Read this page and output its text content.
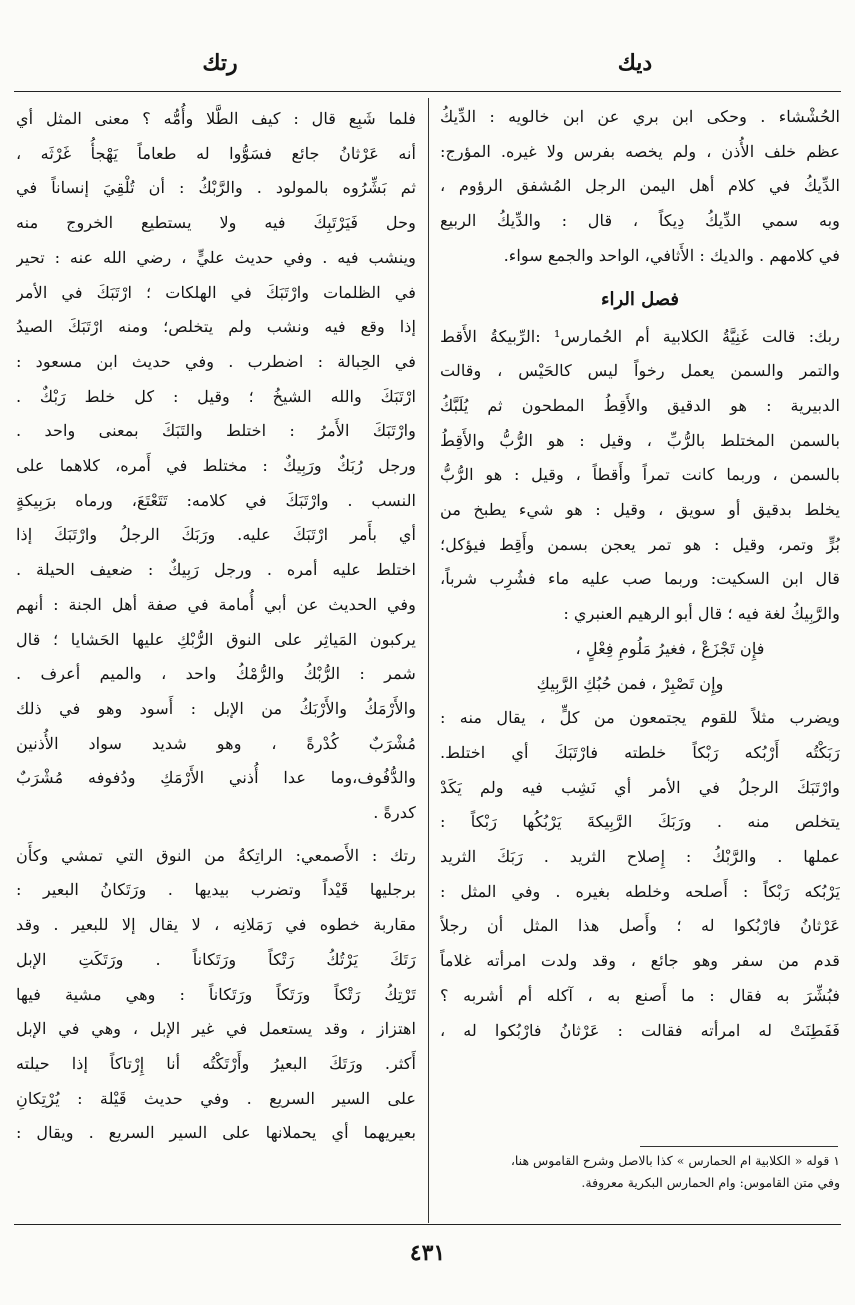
ديك
رتك
الحُشْشاء . وحكى ابن بري عن ابن خالويه : الدِّيكُ
عظم خلف الأُذن ، ولم يخصه بفرس ولا غيره. المؤرج:
الدِّيكُ في كلام أهل اليمن الرجل المُشفق الرؤوم ،
وبه سمي الدِّيكُ دِيكاً ، قال : والدِّيكُ الربيع
في كلامهم . والديك : الأَثافي، الواحد والجمع سواء.
فصل الراء
ربك: قالت غَنِيَّةُ الكلابية أم الحُمارس¹ :الرِّبيكةُ الأَقط
والتمر والسمن يعمل رخواً ليس كالحَيْس ، وقالت
الدبيرية : هو الدقيق والأَقِطُ المطحون ثم يُلَبَّكُ
بالسمن المختلط بالرُّبِّ ، وقيل : هو الرُّبُّ والأَقِطُ
بالسمن ، وربما كانت تمراً وأَقطاً ، وقيل : هو الرُّبُّ
يخلط بدقيق أو سويق ، وقيل : هو شيء يطبخ من
بُرٍّ وتمر، وقيل : هو تمر يعجن بسمن وأَقِط فيؤكل؛
قال ابن السكيت: وربما صب عليه ماء فشُرِب شرباً،
والرَّبِيكُ لغة فيه ؛ قال أبو الرهيم العنبري :
فإِن تَجْزَعْ ، فغيرُ مَلُومِ فِعْلٍ ،
وإِن تَصْبِرْ ، فمن حُبُكِ الرَّبِيكِ
ويضرب مثلاً للقوم يجتمعون من كلٍّ ، يقال منه :
رَبَكْتُه أَرْبُكه رَبْكاً خلطته فارْتَبَكَ أي اختلط.
وارْتَبَكَ الرجلُ في الأمر أي نَشِب فيه ولم يَكَدْ
يتخلص منه . ورَبَكَ الرَّبِيكةَ يَرْبُكُها رَبْكاً :
عملها . والرَّبْكُ : إِصلاح الثريد . رَبَكَ الثريد
يَرْبُكه رَبْكاً : أَصلحه وخلطه بغيره . وفي المثل :
عَرْثانُ فارْبُكوا له ؛ وأَصل هذا المثل أن رجلاً
قدم من سفر وهو جائع ، وقد ولدت امرأته غلاماً
فبُشِّرَ به فقال : ما أَصنع به ، آكله أم أشربه ؟
فَفَطِنَتْ له امرأته فقالت : عَرْثانُ فارْبُكوا له ،
١ قوله « الكلابية ام الحمارس » كذا بالاصل وشرح القاموس هنا،
وفي متن القاموس: وام الحمارس البكرية معروفة.
فلما شَبِع قال : كيف الطَّلا وأُمُّه ؟ معنى المثل أي
أنه عَرْثانُ جائع فسَوُّوا له طعاماً يَهْجأُ غَرْثَه ،
ثم بَشِّرُوه بالمولود . والرَّبْكُ : أن تُلْقِيَ إنساناً في
وحل فَيَرْتَبِكَ فيه ولا يستطيع الخروج منه
وينشب فيه . وفي حديث عليٍّ ، رضي الله عنه : تحير
في الظلمات وارْتَبَكَ في الهلكات ؛ ارْتَبَكَ في الأمر
إذا وقع فيه ونشب ولم يتخلص؛ ومنه ارْتَبَكَ الصيدُ
في الحِبالة : اضطرب . وفي حديث ابن مسعود :
ارْتَبَكَ والله الشيخُ ؛ وقيل : كل خلط رَبْكٌ .
وارْتَبَكَ الأَمرُ : اختلط والتَبَكَ بمعنى واحد .
ورجل رُبَكٌ ورَبِيكٌ : مختلط في أَمره، كلاهما على
النسب . وارْتَبَكَ في كلامه: تَتَعْتَعَ، ورماه برَبِيكةٍ
أي بأَمر ارْتَبَكَ عليه. ورَبَكَ الرجلُ وارْتَبَكَ إذا
اختلط عليه أمره . ورجل رَبِيكٌ : ضعيف الحيلة .
وفي الحديث عن أبي أُمامة في صفة أهل الجنة : أنهم
يركبون المَياثِر على النوق الرُّبْكِ عليها الحَشايا ؛ قال
شمر : الرُّبْكُ والرُّمْكُ واحد ، والميم أعرف .
والأَرْمَكُ والأَرْبَكُ من الإبل : أَسود وهو في ذلك
مُشْرَبٌ كُدْرةً ، وهو شديد سواد الأُذنين
والدُّفُوف،وما عدا أُذني الأَرْمَكِ ودُفوفه مُشْرَبٌ
كدرةً .
رتك : الأَصمعي: الراتِكةُ من النوق التي تمشي وكأَن
برجليها قَيْداً وتضرب بيديها . ورَتَكانُ البعير :
مقاربة خطوه في رَمَلانِه ، لا يقال إلا للبعير . وقد
رَتَكَ يَرْتُكُ رَتْكاً ورَتَكاناً . ورَتَكَتِ الإبل
تَرْتِكُ رَتْكاً ورَتَكاً ورَتَكاناً : وهي مشية فيها
اهتزاز ، وقد يستعمل في غير الإبل ، وهي في الإبل
أَكثر. ورَتَكَ البعيرُ وأَرْتَكْتُه أنا إِرْتاكاً إذا حيلته
على السير السريع . وفي حديث قَيْلة : يُرْتِكانِ
بعيريهما أي يحملانها على السير السريع . ويقال :
٤٣١
